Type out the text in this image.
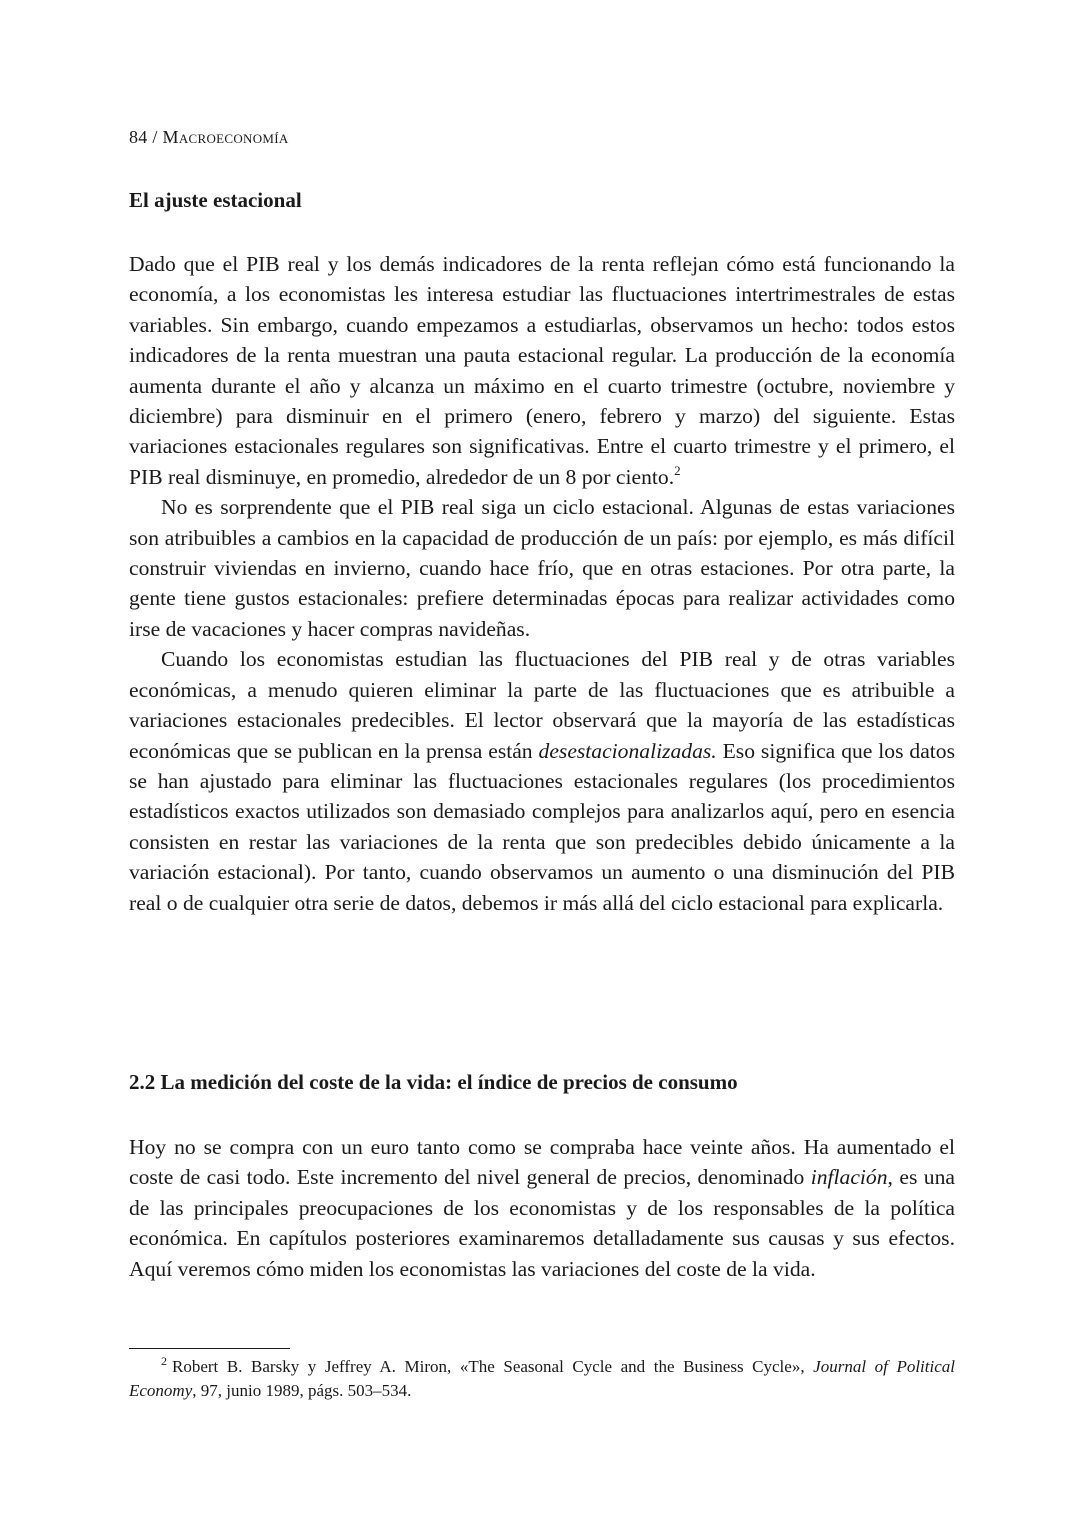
84 / Macroeconomía
El ajuste estacional

Dado que el PIB real y los demás indicadores de la renta reflejan cómo está funcionando la economía, a los economistas les interesa estudiar las fluctuaciones intertrimestrales de estas variables. Sin embargo, cuando empezamos a estudiarlas, observamos un hecho: todos estos indicadores de la renta muestran una pauta estacional regular. La producción de la economía aumenta durante el año y alcanza un máximo en el cuarto trimestre (octubre, noviembre y diciembre) para disminuir en el primero (enero, febrero y marzo) del siguiente. Estas variaciones estacionales regulares son significativas. Entre el cuarto trimestre y el primero, el PIB real disminuye, en promedio, alrededor de un 8 por ciento.$^2$

No es sorprendente que el PIB real siga un ciclo estacional. Algunas de estas variaciones son atribuibles a cambios en la capacidad de producción de un país: por ejemplo, es más difícil construir viviendas en invierno, cuando hace frío, que en otras estaciones. Por otra parte, la gente tiene gustos estacionales: prefiere determinadas épocas para realizar actividades como irse de vacaciones y hacer compras navideñas.

Cuando los economistas estudian las fluctuaciones del PIB real y de otras variables económicas, a menudo quieren eliminar la parte de las fluctuaciones que es atribuible a variaciones estacionales predecibles. El lector observará que la mayoría de las estadísticas económicas que se publican en la prensa están desestacionalizadas. Eso significa que los datos se han ajustado para eliminar las fluctuaciones estacionales regulares (los procedimientos estadísticos exactos utilizados son demasiado complejos para analizarlos aquí, pero en esencia consisten en restar las variaciones de la renta que son predecibles debido únicamente a la variación estacional). Por tanto, cuando observamos un aumento o una disminución del PIB real o de cualquier otra serie de datos, debemos ir más allá del ciclo estacional para explicarla.

2.2 La medición del coste de la vida: el índice de precios de consumo

Hoy no se compra con un euro tanto como se compraba hace veinte años. Ha aumentado el coste de casi todo. Este incremento del nivel general de precios, denominado inflación, es una de las principales preocupaciones de los economistas y de los responsables de la política económica. En capítulos posteriores examinaremos detalladamente sus causas y sus efectos. Aquí veremos cómo miden los economistas las variaciones del coste de la vida.

2 Robert B. Barsky y Jeffrey A. Miron, «The Seasonal Cycle and the Business Cycle», Journal of Political Economy, 97, junio 1989, págs. 503–534.
